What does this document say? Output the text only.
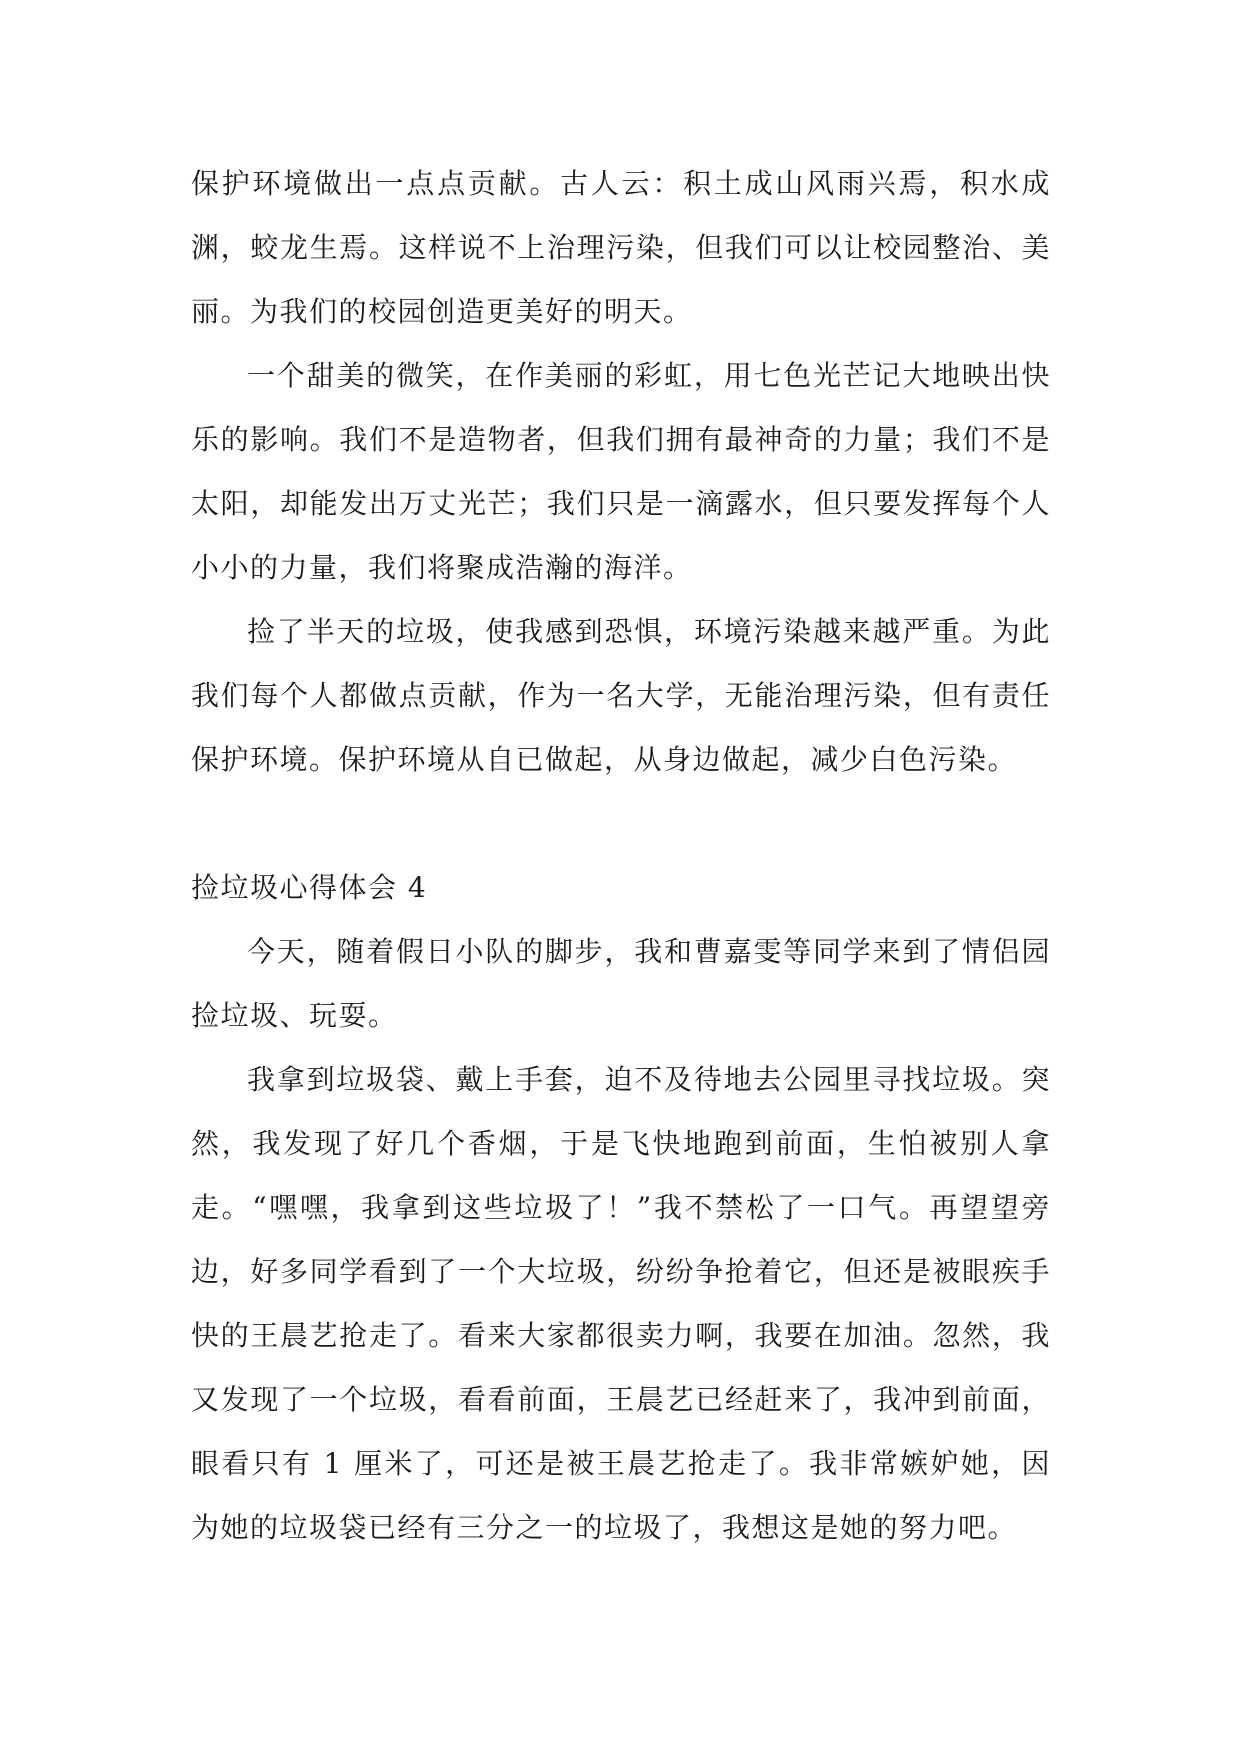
保护环境做出一点点贡献。古人云：积土成山风雨兴焉，积水成渊，蛟龙生焉。这样说不上治理污染，但我们可以让校园整治、美丽。为我们的校园创造更美好的明天。

一个甜美的微笑，在作美丽的彩虹，用七色光芒记大地映出快乐的影响。我们不是造物者，但我们拥有最神奇的力量；我们不是太阳，却能发出万丈光芒；我们只是一滴露水，但只要发挥每个人小小的力量，我们将聚成浩瀚的海洋。

捡了半天的垃圾，使我感到恐惧，环境污染越来越严重。为此我们每个人都做点贡献，作为一名大学，无能治理污染，但有责任保护环境。保护环境从自已做起，从身边做起，减少白色污染。

捡垃圾心得体会 4

今天，随着假日小队的脚步，我和曹嘉雯等同学来到了情侣园捡垃圾、玩耍。

我拿到垃圾袋、戴上手套，迫不及待地去公园里寻找垃圾。突然，我发现了好几个香烟，于是飞快地跑到前面，生怕被别人拿走。“嘿嘿，我拿到这些垃圾了！”我不禁松了一口气。再望望旁边，好多同学看到了一个大垃圾，纷纷争抢着它，但还是被眼疾手快的王晨艺抢走了。看来大家都很卖力啊，我要在加油。忽然，我又发现了一个垃圾，看看前面，王晨艺已经赶来了，我冲到前面，眼看只有 1 厘米了，可还是被王晨艺抢走了。我非常嫉妒她，因为她的垃圾袋已经有三分之一的垃圾了，我想这是她的努力吧。
